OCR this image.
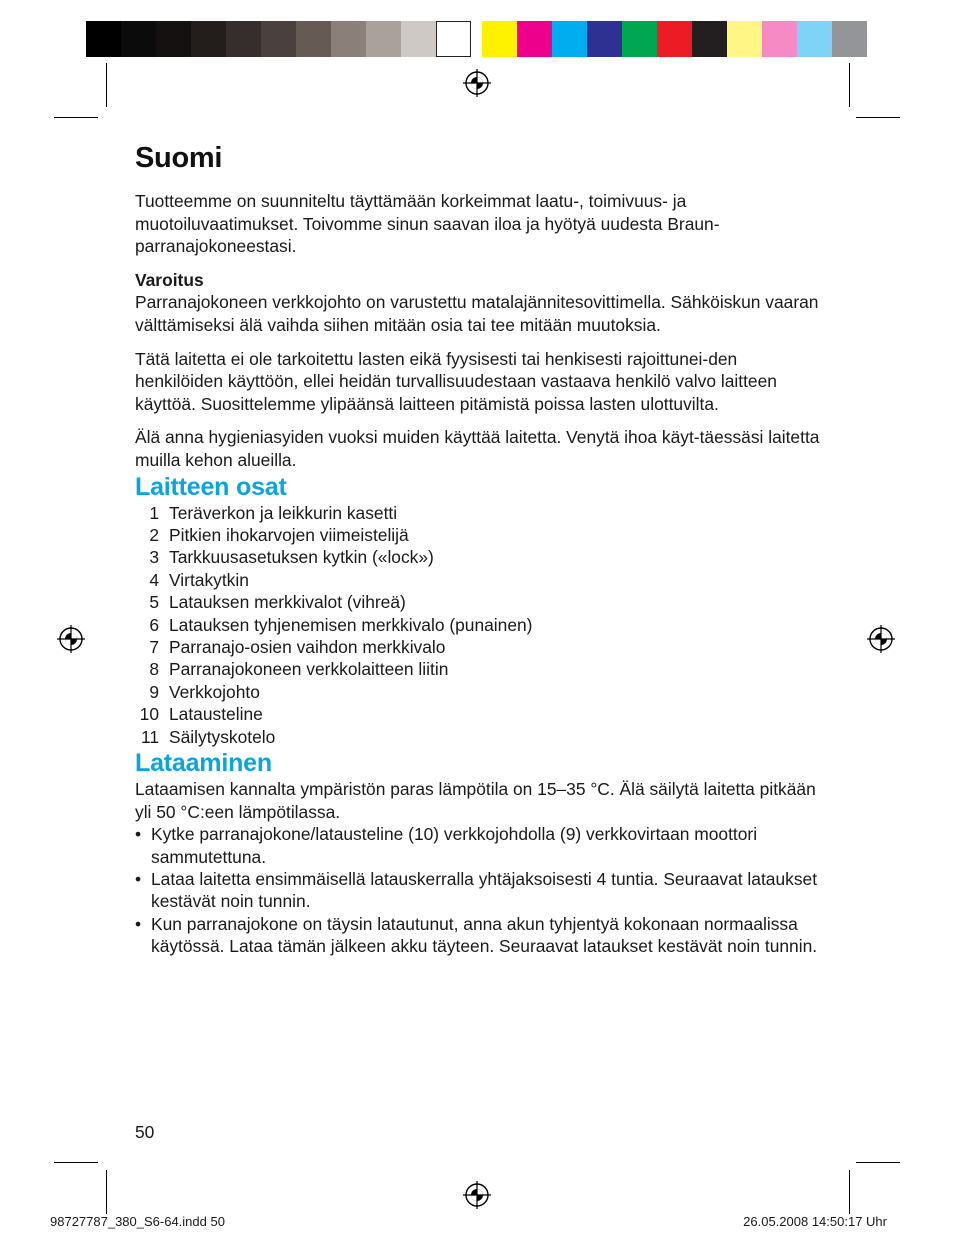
Suomi

Tuotteemme on suunniteltu täyttämään korkeimmat laatu-, toimivuus- ja muotoiluvaatimukset. Toivomme sinun saavan iloa ja hyötyä uudesta Braun-parranajokoneestasi.

Varoitus

Parranajokoneen verkkojohto on varustettu matalajännitesovittimella. Sähköiskun vaaran välttämiseksi älä vaihda siihen mitään osia tai tee mitään muutoksia.

Tätä laitetta ei ole tarkoitettu lasten eikä fyysisesti tai henkisesti rajoittunei-den henkilöiden käyttöön, ellei heidän turvallisuudestaan vastaava henkilö valvo laitteen käyttöä. Suosittelemme ylipäänsä laitteen pitämistä poissa lasten ulottuvilta.

Älä anna hygieniasyiden vuoksi muiden käyttää laitetta. Venytä ihoa käyt-täessäsi laitetta muilla kehon alueilla.

Laitteen osat
1 Teräverkon ja leikkurin kasetti
2 Pitkien ihokarvojen viimeistelijä
3 Tarkkuusasetuksen kytkin («lock»)
4 Virtakytkin
5 Latauksen merkkivalot (vihreä)
6 Latauksen tyhjenemisen merkkivalo (punainen)
7 Parranajo-osien vaihdon merkkivalo
8 Parranajokoneen verkkolaitteen liitin
9 Verkkojohto
10 Latausteline
11 Säilytyskotelo
Lataaminen

Lataamisen kannalta ympäristön paras lämpötila on 15–35 °C. Älä säilytä laitetta pitkään yli 50 °C:een lämpötilassa.

• Kytke parranajokone/latausteline (10) verkkojohdolla (9) verkkovirtaan moottori sammutettuna.
• Lataa laitetta ensimmäisellä latauskerralla yhtäjaksoisesti 4 tuntia. Seuraavat lataukset kestävät noin tunnin.
• Kun parranajokone on täysin latautunut, anna akun tyhjentyä kokonaan normaalissa käytössä. Lataa tämän jälkeen akku täyteen. Seuraavat lataukset kestävät noin tunnin.
50
98727787_380_S6-64.indd 50	26.05.2008 14:50:17 Uhr
